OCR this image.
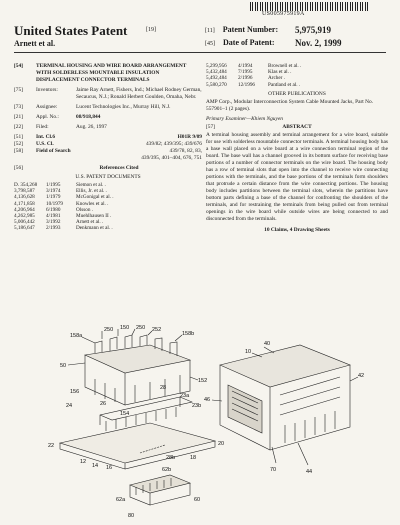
US005975919A
United States Patent	[19]
Arnett et al.
[11] Patent Number: 5,975,919
[45] Date of Patent: Nov. 2, 1999
[54] TERMINAL HOUSING AND WIRE BOARD ARRANGEMENT WITH SOLDERLESS MOUNTABLE INSULATION DISPLACEMENT CONNECTOR TERMINALS
[75] Inventors:	Jaime Ray Arnett, Fishers, Ind.; Michael Rodney German, Secaucus, N.J.; Ronald Herbert Goulden, Omaha, Nebr.
[73] Assignee:	Lucent Technologies Inc., Murray Hill, N.J.
[21] Appl. No.:	08/918,844
[22] Filed:	Aug. 26, 1997
[51] Int. Cl.6	H01R 9/09
[52] U.S. Cl.	439/82; 439/395; 439/676
[58] Field of Search	439/78, 82, 83,
439/395, 401–404, 676, 751
[56]	References Cited
U.S. PATENT DOCUMENTS
D. 354,268	1/1995	Siemon et al. .
3,798,587	3/1974	Ellis, Jr. et al. .
4,136,628	1/1979	McGonigal et al. .
4,171,858	10/1979	Knowles et al. .
4,206,964	6/1980	Olsson .
4,262,985	4/1981	Muehlhausen II .
5,006,442	3/1992	Arnett et al. .
5,186,647	2/1993	Denkmann et al. .
5,299,956	4/1994	Brownell et al. .
5,432,484	7/1995	Klas et al. .
5,492,484	2/1996	Archer .
5,580,270	12/1996	Pantland et al. .
OTHER PUBLICATIONS
AMP Corp., Modular Interconnection System Cable Mounted Jacks, Part No. 557901–1 (2 pages).
Primary Examiner—Khiem Nguyen
[57]	ABSTRACT
A terminal housing assembly and terminal arrangement for a wire board, suitable for use with solderless mountable connector terminals. A terminal housing body has a base wall placed on a wire board at a wire connection terminal region of the board. The base wall has a channel grooved in its bottom surface for receiving base portions of a number of connector terminals on the wire board. The housing body has a row of terminal slots that open into the channel to receive wire connecting portions with the terminals, and the base portions of the terminals form shoulders that protrude a certain distance from the wire connecting portions. The housing body includes partitions between the terminal slots, wherein the partitions have bottom parts defining a base of the channel for confronting the shoulders of the terminals, and for restraining the terminals from being pulled out from terminal openings in the wire board while outside wires are being connected to and disconnected from the terminals.
10 Claims, 4 Drawing Sheets
250 150 250 252
158a	158b
50
152
156
154
24	26
28
23a
23b
22
12
14 16
18
28b
20
62b
62a	60
80
10
40
42
46
44
70
